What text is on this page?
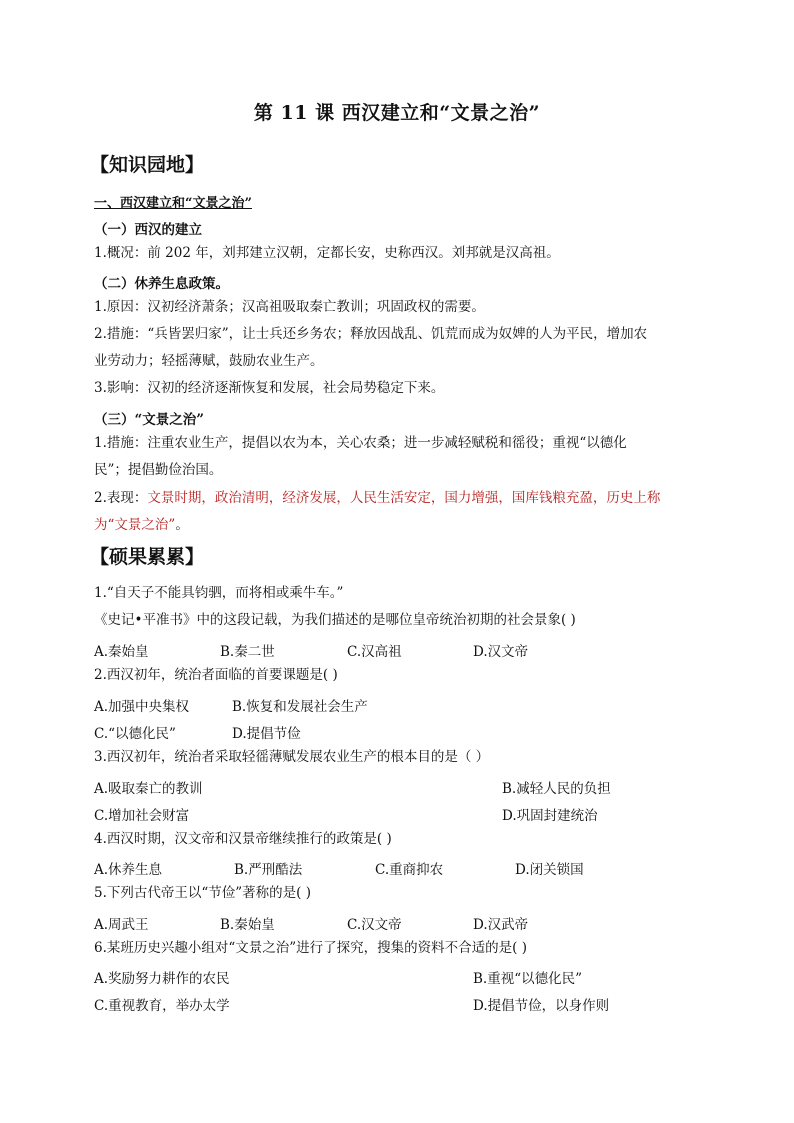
第 11 课 西汉建立和“文景之治”
【知识园地】
一、西汉建立和“文景之治”
（一）西汉的建立
1.概况：前 202 年，刘邦建立汉朝，定都长安，史称西汉。刘邦就是汉高祖。
（二）休养生息政策。
1.原因：汉初经济萧条；汉高祖吸取秦亡教训；巩固政权的需要。
2.措施：“兵皆罢归家”，让士兵还乡务农；释放因战乱、饥荒而成为奴婢的人为平民，增加农
业劳动力；轻摇薄赋，鼓励农业生产。
3.影响：汉初的经济逐渐恢复和发展，社会局势稳定下来。
（三）“文景之治”
1.措施：注重农业生产，提倡以农为本，关心农桑；进一步减轻赋税和徭役；重视“以德化
民”；提倡勤俭治国。
2.表现：文景时期，政治清明，经济发展，人民生活安定，国力增强，国库钱粮充盈，历史上称
为“文景之治”。
【硕果累累】
1.“自天子不能具钧驷，而将相或乘牛车。”
《史记•平准书》中的这段记载，为我们描述的是哪位皇帝统治初期的社会景象( )
A.秦始皇	B.秦二世	C.汉高祖	D.汉文帝
2.西汉初年，统治者面临的首要课题是( )
A.加强中央集权	B.恢复和发展社会生产
C.“以德化民”	D.提倡节俭
3.西汉初年，统治者采取轻徭薄赋发展农业生产的根本目的是（ ）
A.吸取秦亡的教训	B.减轻人民的负担
C.增加社会财富	D.巩固封建统治
4.西汉时期，汉文帝和汉景帝继续推行的政策是( )
A.休养生息	B.严刑酷法	C.重商抑农	D.闭关锁国
5.下列古代帝王以“节俭”著称的是( )
A.周武王	B.秦始皇	C.汉文帝	D.汉武帝
6.某班历史兴趣小组对“文景之治”进行了探究，搜集的资料不合适的是( )
A.奖励努力耕作的农民	B.重视“以德化民”
C.重视教育，举办太学	D.提倡节俭，以身作则
